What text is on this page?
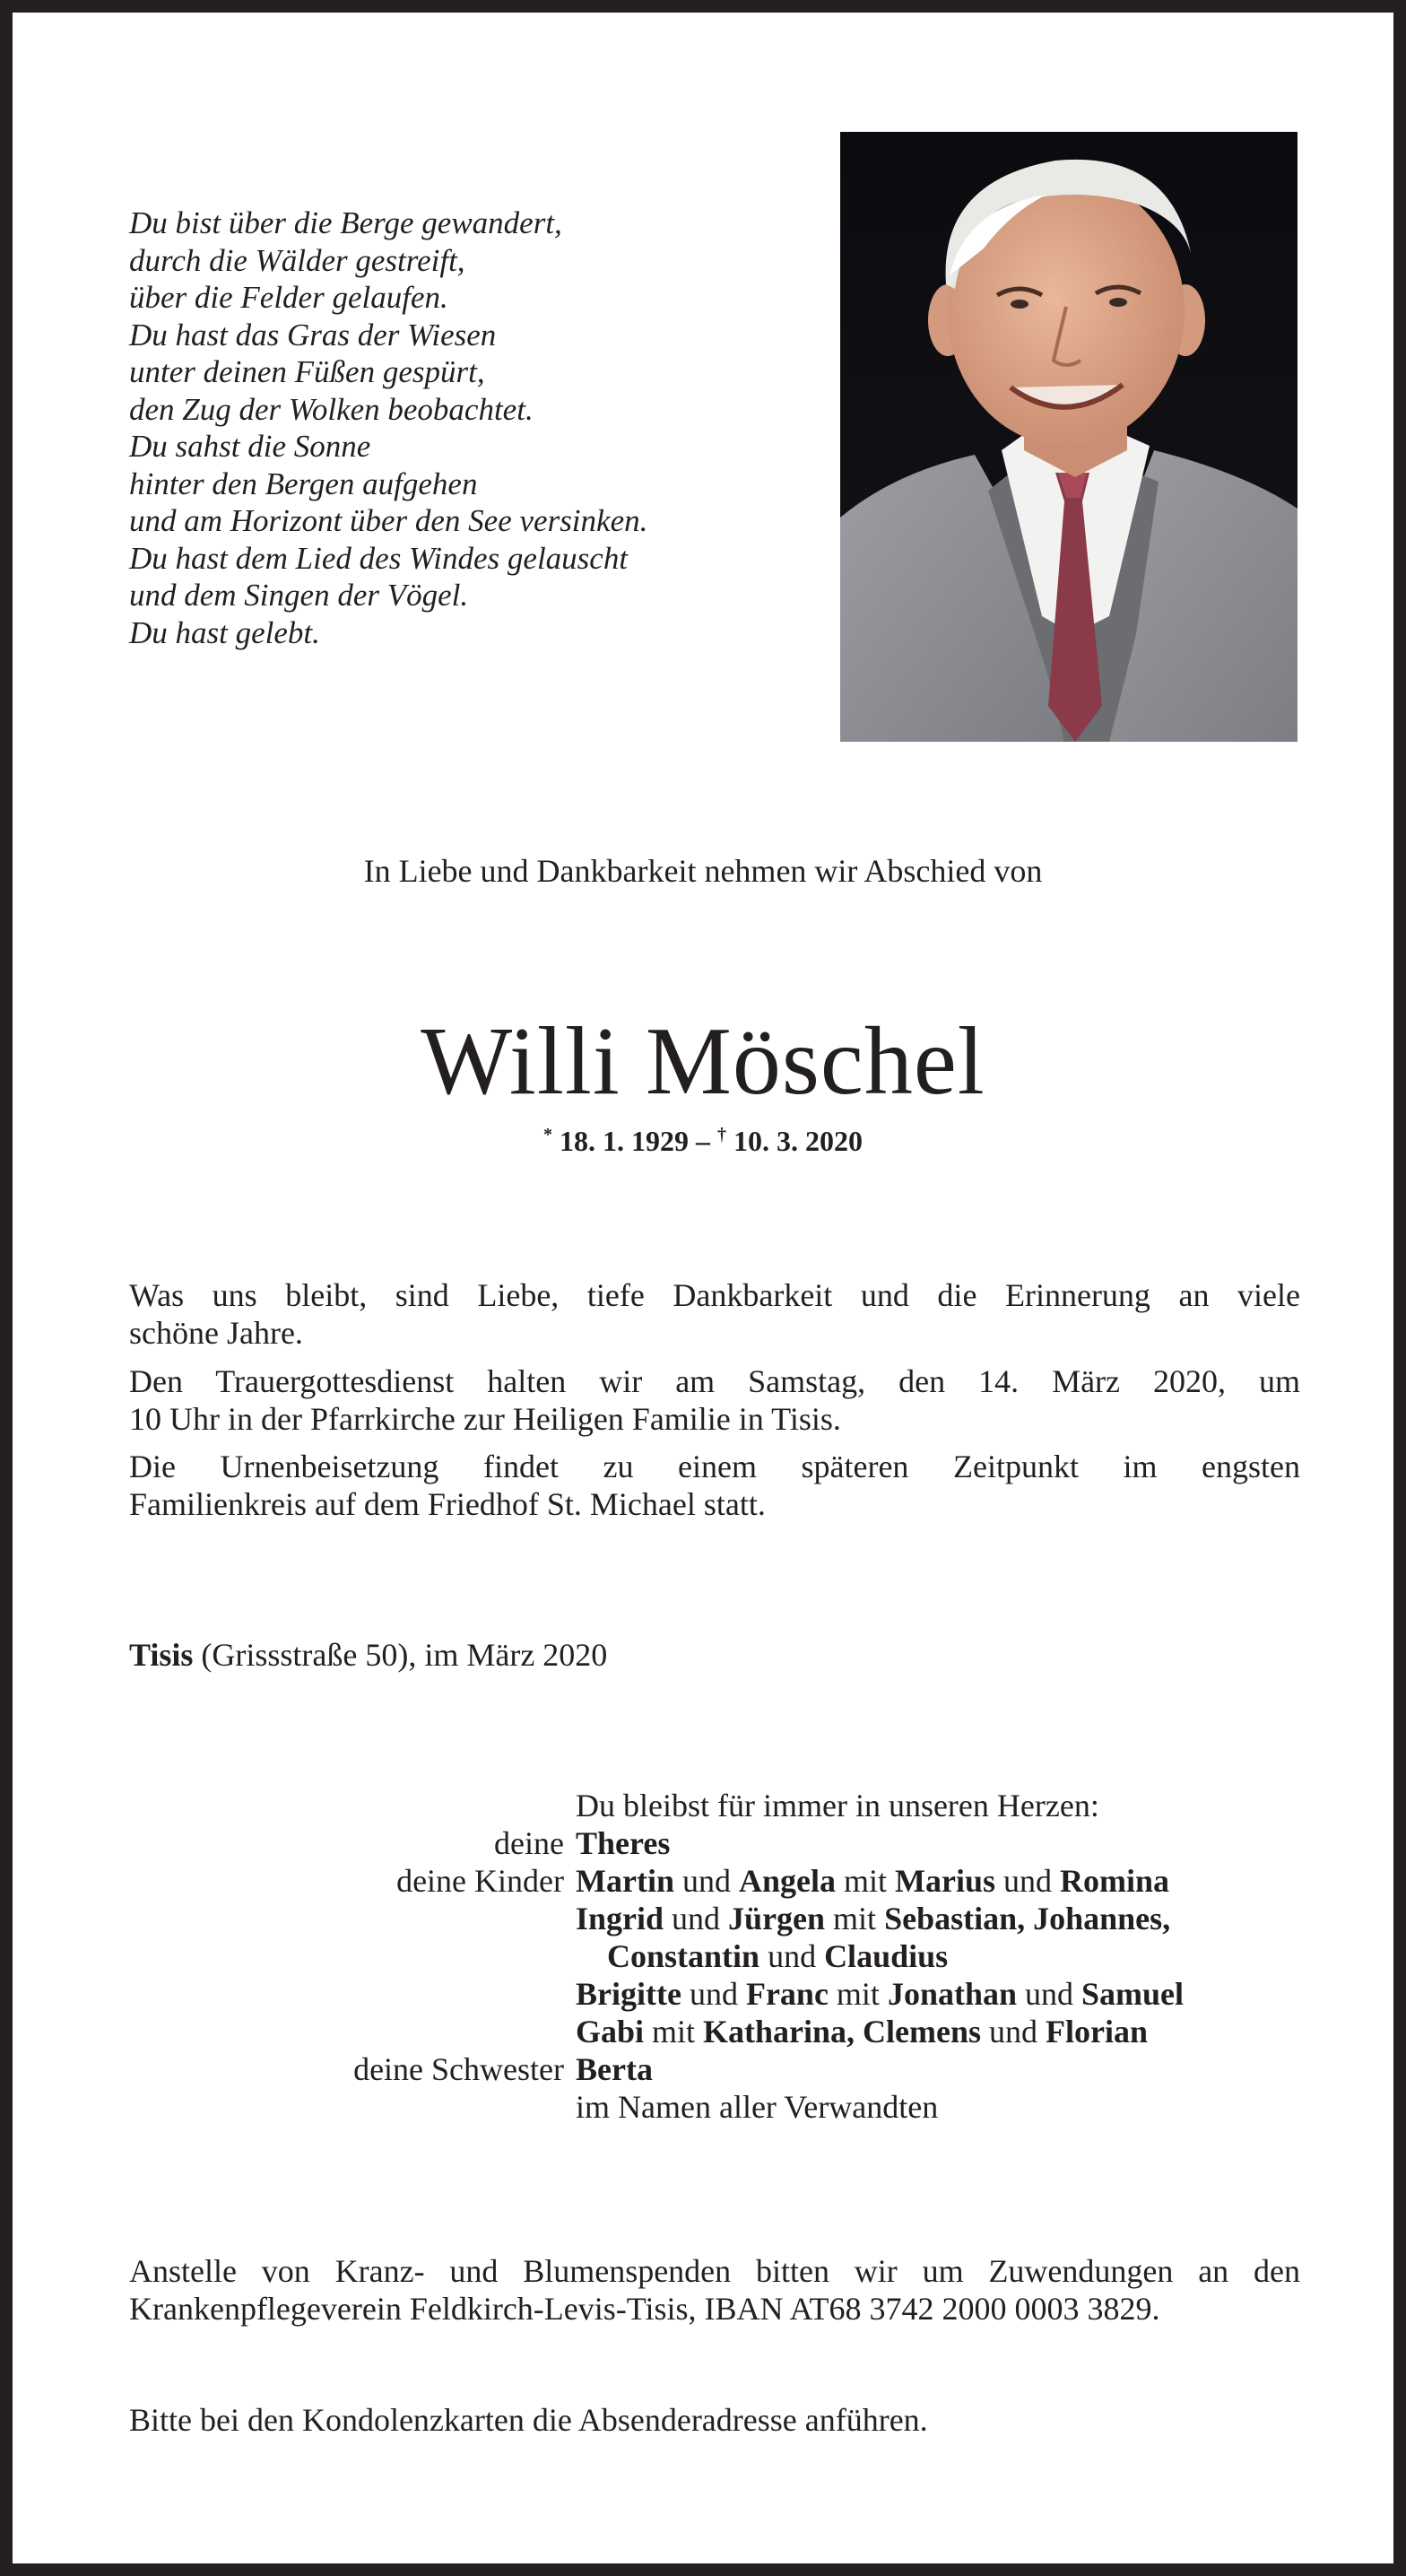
Du bist über die Berge gewandert,
durch die Wälder gestreift,
über die Felder gelaufen.
Du hast das Gras der Wiesen
unter deinen Füßen gespürt,
den Zug der Wolken beobachtet.
Du sahst die Sonne
hinter den Bergen aufgehen
und am Horizont über den See versinken.
Du hast dem Lied des Windes gelauscht
und dem Singen der Vögel.
Du hast gelebt.
In Liebe und Dankbarkeit nehmen wir Abschied von
Willi Möschel
* 18. 1. 1929 – † 10. 3. 2020
Was uns bleibt, sind Liebe, tiefe Dankbarkeit und die Erinnerung an viele
schöne Jahre.
Den Trauergottesdienst halten wir am Samstag, den 14. März 2020, um
10 Uhr in der Pfarrkirche zur Heiligen Familie in Tisis.
Die Urnenbeisetzung findet zu einem späteren Zeitpunkt im engsten
Familienkreis auf dem Friedhof St. Michael statt.
Tisis (Grissstraße 50), im März 2020
Du bleibst für immer in unseren Herzen:
deine Theres
deine Kinder Martin und Angela mit Marius und Romina
Ingrid und Jürgen mit Sebastian, Johannes,
Constantin und Claudius
Brigitte und Franc mit Jonathan und Samuel
Gabi mit Katharina, Clemens und Florian
deine Schwester Berta
im Namen aller Verwandten
Anstelle von Kranz- und Blumenspenden bitten wir um Zuwendungen an den
Krankenpflegeverein Feldkirch-Levis-Tisis, IBAN AT68 3742 2000 0003 3829.
Bitte bei den Kondolenzkarten die Absenderadresse anführen.
